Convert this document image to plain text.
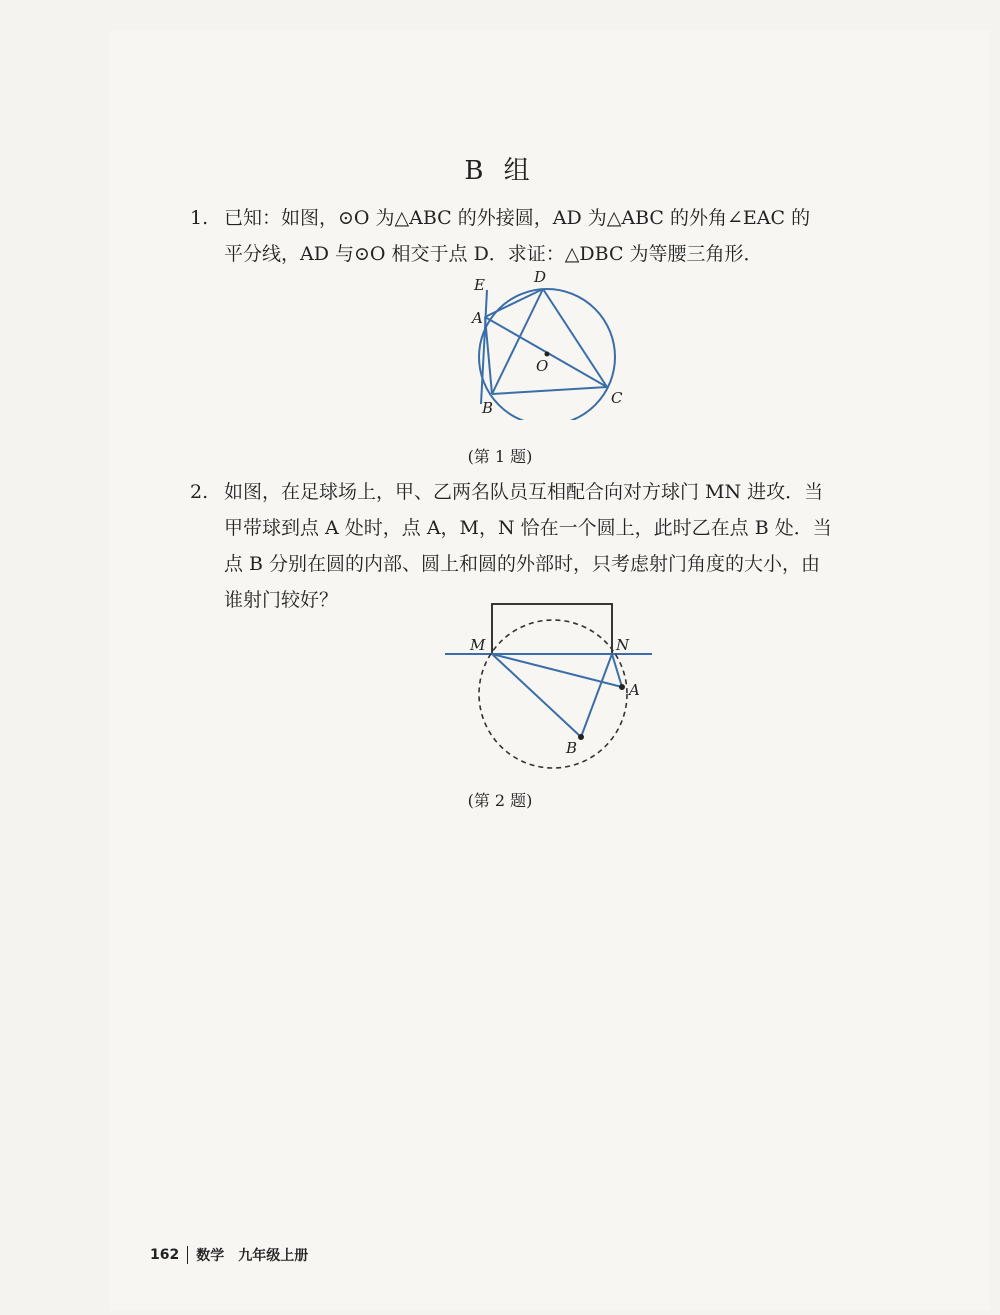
B 组
1. 已知：如图，⊙O 为△ABC 的外接圆，AD 为△ABC 的外角∠EAC 的
平分线，AD 与⊙O 相交于点 D．求证：△DBC 为等腰三角形．
E	D
A
O
B
C
(第 1 题)
2. 如图，在足球场上，甲、乙两名队员互相配合向对方球门 MN 进攻．当
甲带球到点 A 处时，点 A，M，N 恰在一个圆上，此时乙在点 B 处．当
点 B 分别在圆的内部、圆上和圆的外部时，只考虑射门角度的大小，由
谁射门较好？
M	N
A
B
(第 2 题)
162 数学 九年级上册
